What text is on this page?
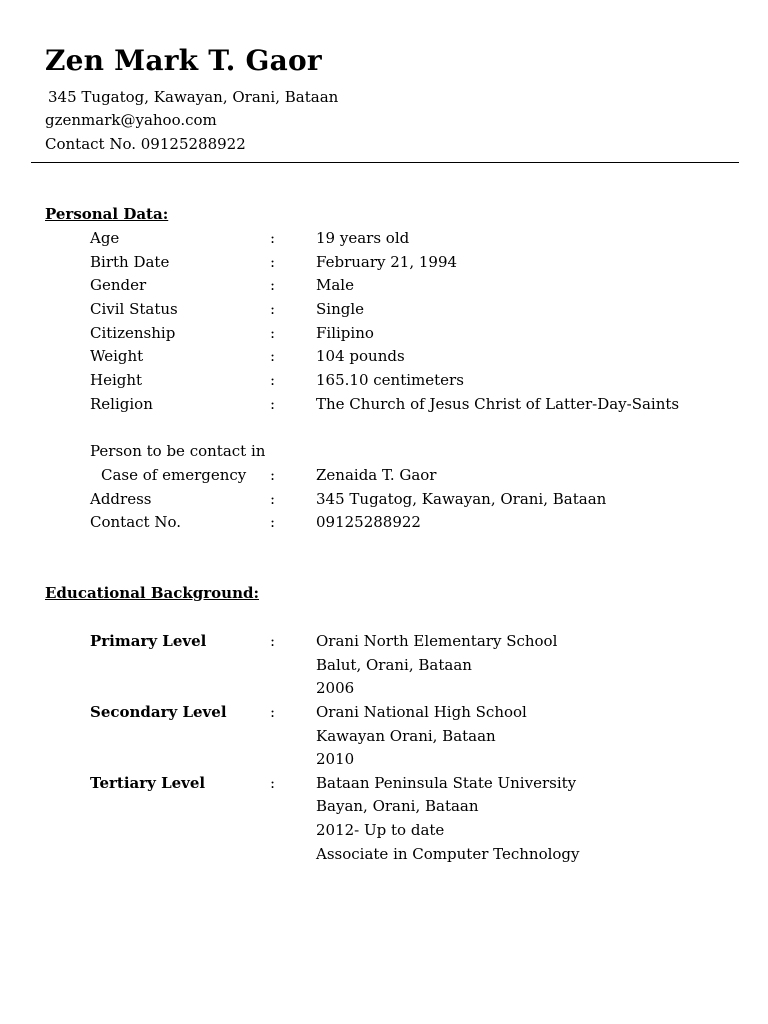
Zen Mark T. Gaor
345 Tugatog, Kawayan, Orani, Bataan
gzenmark@yahoo.com
Contact No. 09125288922
Personal Data:
Age	:	19 years old
Birth Date	:	February 21, 1994
Gender	:	Male
Civil Status	:	Single
Citizenship	:	Filipino
Weight	:	104 pounds
Height	:	165.10 centimeters
Religion	:	The Church of Jesus Christ of Latter-Day-Saints
Person to be contact in
Case of emergency :	Zenaida T. Gaor
Address	:	345 Tugatog, Kawayan, Orani, Bataan
Contact No.	:	09125288922
Educational Background:
Primary Level	:	Orani North Elementary School
Balut, Orani, Bataan
2006
Secondary Level	:	Orani National High School
Kawayan Orani, Bataan
2010
Tertiary Level	:	Bataan Peninsula State University
Bayan, Orani, Bataan
2012- Up to date
Associate in Computer Technology
